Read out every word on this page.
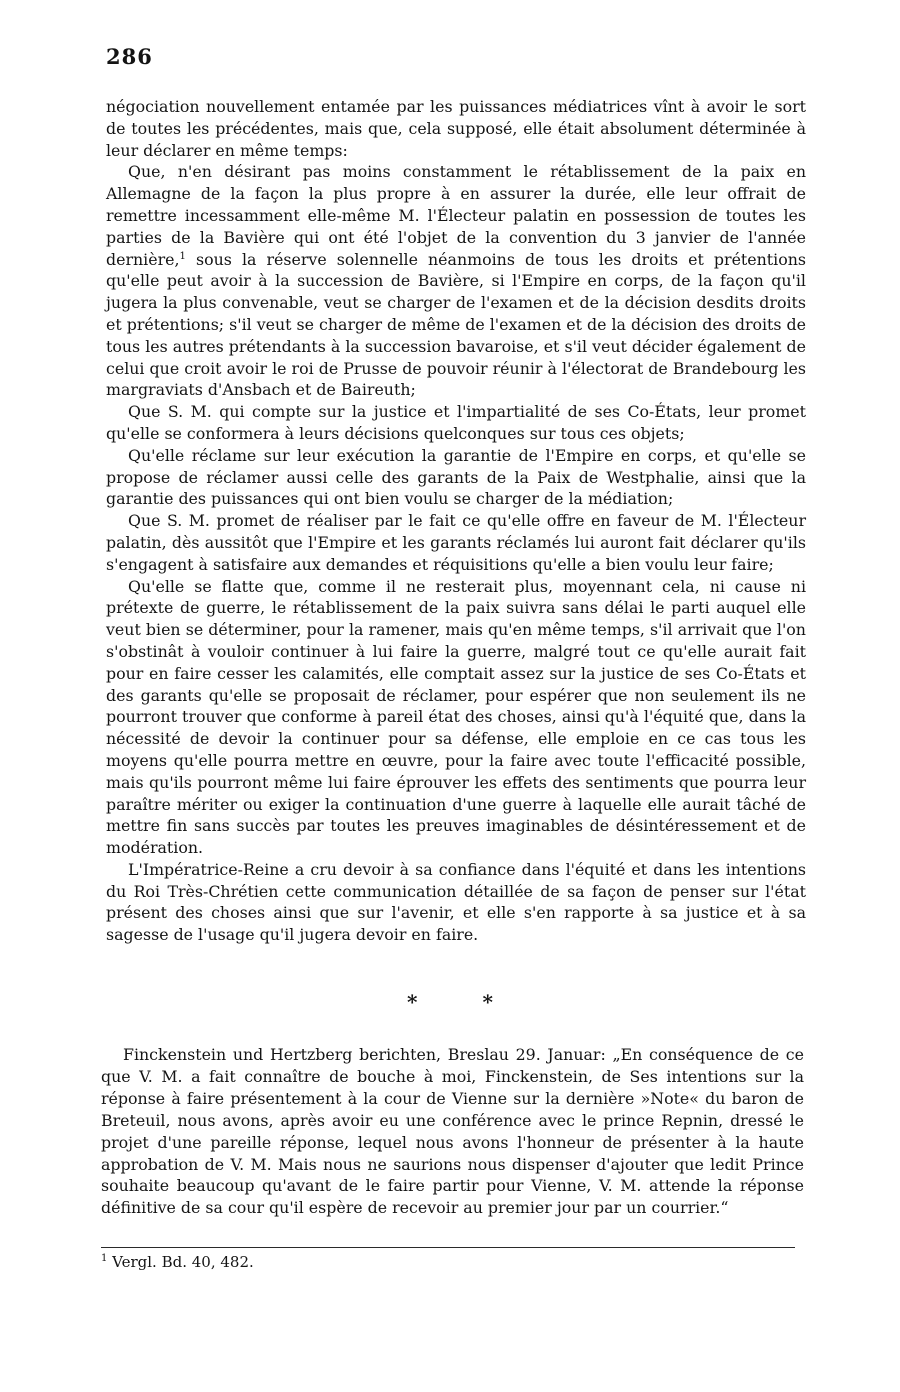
286

négociation nouvellement entamée par les puissances médiatrices vînt à avoir le sort de toutes les précédentes, mais que, cela supposé, elle était absolument déterminée à leur déclarer en même temps:

Que, n'en désirant pas moins constamment le rétablissement de la paix en Allemagne de la façon la plus propre à en assurer la durée, elle leur offrait de remettre incessamment elle-même M. l'Électeur palatin en possession de toutes les parties de la Bavière qui ont été l'objet de la convention du 3 janvier de l'année dernière,$^1$ sous la réserve solennelle néanmoins de tous les droits et prétentions qu'elle peut avoir à la succession de Bavière, si l'Empire en corps, de la façon qu'il jugera la plus convenable, veut se charger de l'examen et de la décision desdits droits et prétentions; s'il veut se charger de même de l'examen et de la décision des droits de tous les autres prétendants à la succession bavaroise, et s'il veut décider également de celui que croit avoir le roi de Prusse de pouvoir réunir à l'électorat de Brandebourg les margraviats d'Ansbach et de Baireuth;

Que S. M. qui compte sur la justice et l'impartialité de ses Co-États, leur promet qu'elle se conformera à leurs décisions quelconques sur tous ces objets;

Qu'elle réclame sur leur exécution la garantie de l'Empire en corps, et qu'elle se propose de réclamer aussi celle des garants de la Paix de Westphalie, ainsi que la garantie des puissances qui ont bien voulu se charger de la médiation;

Que S. M. promet de réaliser par le fait ce qu'elle offre en faveur de M. l'Électeur palatin, dès aussitôt que l'Empire et les garants réclamés lui auront fait déclarer qu'ils s'engagent à satisfaire aux demandes et réquisitions qu'elle a bien voulu leur faire;

Qu'elle se flatte que, comme il ne resterait plus, moyennant cela, ni cause ni prétexte de guerre, le rétablissement de la paix suivra sans délai le parti auquel elle veut bien se déterminer, pour la ramener, mais qu'en même temps, s'il arrivait que l'on s'obstinât à vouloir continuer à lui faire la guerre, malgré tout ce qu'elle aurait fait pour en faire cesser les calamités, elle comptait assez sur la justice de ses Co-États et des garants qu'elle se proposait de réclamer, pour espérer que non seulement ils ne pourront trouver que conforme à pareil état des choses, ainsi qu'à l'équité que, dans la nécessité de devoir la continuer pour sa défense, elle emploie en ce cas tous les moyens qu'elle pourra mettre en œuvre, pour la faire avec toute l'efficacité possible, mais qu'ils pourront même lui faire éprouver les effets des sentiments que pourra leur paraître mériter ou exiger la continuation d'une guerre à laquelle elle aurait tâché de mettre fin sans succès par toutes les preuves imaginables de désintéressement et de modération.

L'Impératrice-Reine a cru devoir à sa confiance dans l'équité et dans les intentions du Roi Très-Chrétien cette communication détaillée de sa façon de penser sur l'état présent des choses ainsi que sur l'avenir, et elle s'en rapporte à sa justice et à sa sagesse de l'usage qu'il jugera devoir en faire.

* *

Finckenstein und Hertzberg berichten, Breslau 29. Januar: „En conséquence de ce que V. M. a fait connaître de bouche à moi, Finckenstein, de Ses intentions sur la réponse à faire présentement à la cour de Vienne sur la dernière »Note« du baron de Breteuil, nous avons, après avoir eu une conférence avec le prince Repnin, dressé le projet d'une pareille réponse, lequel nous avons l'honneur de présenter à la haute approbation de V. M. Mais nous ne saurions nous dispenser d'ajouter que ledit Prince souhaite beaucoup qu'avant de le faire partir pour Vienne, V. M. attende la réponse définitive de sa cour qu'il espère de recevoir au premier jour par un courrier.“

$^1$ Vergl. Bd. 40, 482.
